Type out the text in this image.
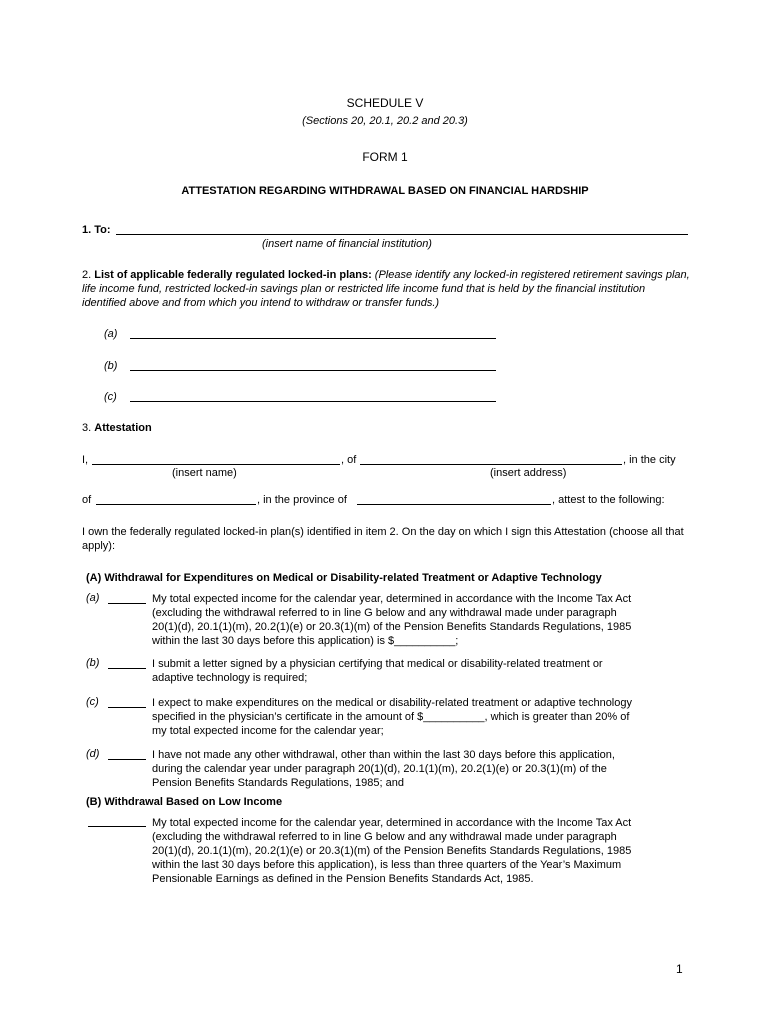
SCHEDULE V
(Sections 20, 20.1, 20.2 and 20.3)
FORM 1
ATTESTATION REGARDING WITHDRAWAL BASED ON FINANCIAL HARDSHIP
1. To:
(insert name of financial institution)
2. List of applicable federally regulated locked-in plans: (Please identify any locked-in registered retirement savings plan, life income fund, restricted locked-in savings plan or restricted life income fund that is held by the financial institution identified above and from which you intend to withdraw or transfer funds.)
(a)
(b)
(c)
3. Attestation
I,	, of	, in the city
(insert name)	(insert address)
of	, in the province of	, attest to the following:
I own the federally regulated locked-in plan(s) identified in item 2. On the day on which I sign this Attestation (choose all that apply):
(A) Withdrawal for Expenditures on Medical or Disability-related Treatment or Adaptive Technology
(a)	My total expected income for the calendar year, determined in accordance with the Income Tax Act
(excluding the withdrawal referred to in line G below and any withdrawal made under paragraph
20(1)(d), 20.1(1)(m), 20.2(1)(e) or 20.3(1)(m) of the Pension Benefits Standards Regulations, 1985
within the last 30 days before this application) is $__________;
(b)	I submit a letter signed by a physician certifying that medical or disability-related treatment or
adaptive technology is required;
(c)	I expect to make expenditures on the medical or disability-related treatment or adaptive technology
specified in the physician’s certificate in the amount of $__________, which is greater than 20% of
my total expected income for the calendar year;
(d)	I have not made any other withdrawal, other than within the last 30 days before this application,
during the calendar year under paragraph 20(1)(d), 20.1(1)(m), 20.2(1)(e) or 20.3(1)(m) of the
Pension Benefits Standards Regulations, 1985; and
(B) Withdrawal Based on Low Income
My total expected income for the calendar year, determined in accordance with the Income Tax Act
(excluding the withdrawal referred to in line G below and any withdrawal made under paragraph
20(1)(d), 20.1(1)(m), 20.2(1)(e) or 20.3(1)(m) of the Pension Benefits Standards Regulations, 1985
within the last 30 days before this application), is less than three quarters of the Year’s Maximum
Pensionable Earnings as defined in the Pension Benefits Standards Act, 1985.
1
